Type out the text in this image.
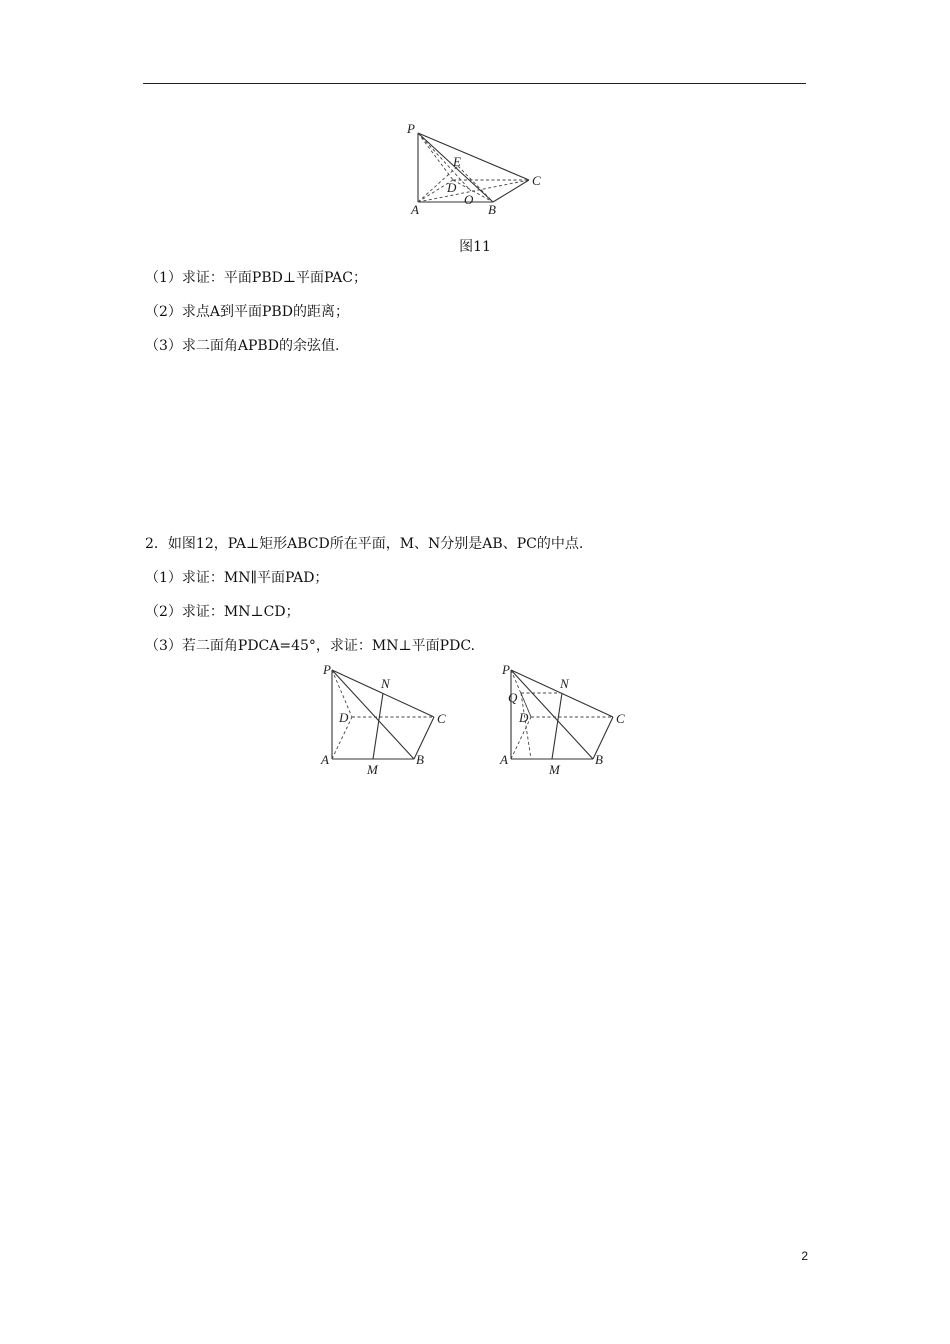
P
E
D	C
A
O
B
图11
（1）求证：平面PBD⊥平面PAC；
（2）求点A到平面PBD的距离；
（3）求二面角APBD的余弦值.
2．如图12，PA⊥矩形ABCD所在平面，M、N分别是AB、PC的中点.
（1）求证：MN∥平面PAD；
（2）求证：MN⊥CD；
（3）若二面角PDCA=45°，求证：MN⊥平面PDC.
P
N
D	C
A
M
B
P
Q
N
D	C
A
M
B
2
